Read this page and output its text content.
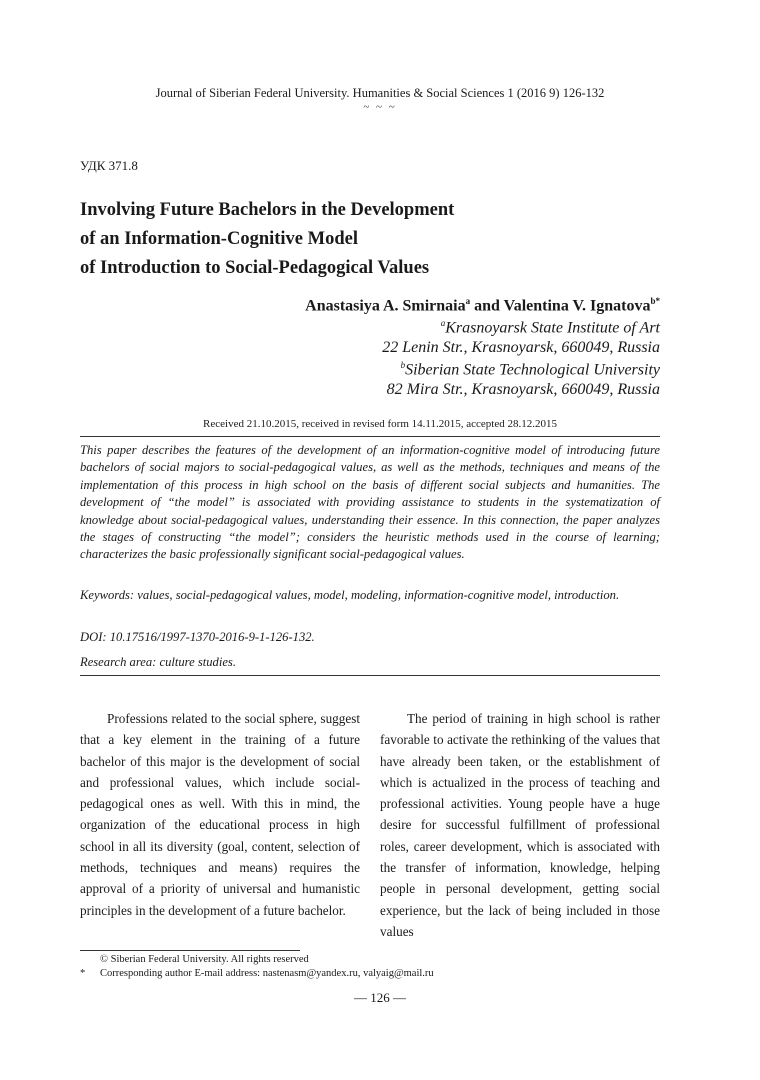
Journal of Siberian Federal University. Humanities & Social Sciences 1 (2016 9) 126-132
~ ~ ~
УДК 371.8
Involving Future Bachelors in the Development
of an Information-Cognitive Model
of Introduction to Social-Pedagogical Values
Anastasiya A. Smirnaia$^a$ and Valentina V. Ignatova$^{b*}$
$^a$Krasnoyarsk State Institute of Art
22 Lenin Str., Krasnoyarsk, 660049, Russia
$^b$Siberian State Technological University
82 Mira Str., Krasnoyarsk, 660049, Russia
Received 21.10.2015, received in revised form 14.11.2015, accepted 28.12.2015
This paper describes the features of the development of an information-cognitive model of introducing future bachelors of social majors to social-pedagogical values, as well as the methods, techniques and means of the implementation of this process in high school on the basis of different social subjects and humanities. The development of “the model” is associated with providing assistance to students in the systematization of knowledge about social-pedagogical values, understanding their essence. In this connection, the paper analyzes the stages of constructing “the model”; considers the heuristic methods used in the course of learning; characterizes the basic professionally significant social-pedagogical values.
Keywords: values, social-pedagogical values, model, modeling, information-cognitive model, introduction.
DOI: 10.17516/1997-1370-2016-9-1-126-132.
Research area: culture studies.
Professions related to the social sphere, suggest that a key element in the training of a future bachelor of this major is the development of social and professional values, which include social-pedagogical ones as well. With this in mind, the organization of the educational process in high school in all its diversity (goal, content, selection of methods, techniques and means) requires the approval of a priority of universal and humanistic principles in the development of a future bachelor.
The period of training in high school is rather favorable to activate the rethinking of the values that have already been taken, or the establishment of which is actualized in the process of teaching and professional activities. Young people have a huge desire for successful fulfillment of professional roles, career development, which is associated with the transfer of information, knowledge, helping people in personal development, getting social experience, but the lack of being included in those values
© Siberian Federal University. All rights reserved
* Corresponding author E-mail address: nastenasm@yandex.ru, valyaig@mail.ru
— 126 —
